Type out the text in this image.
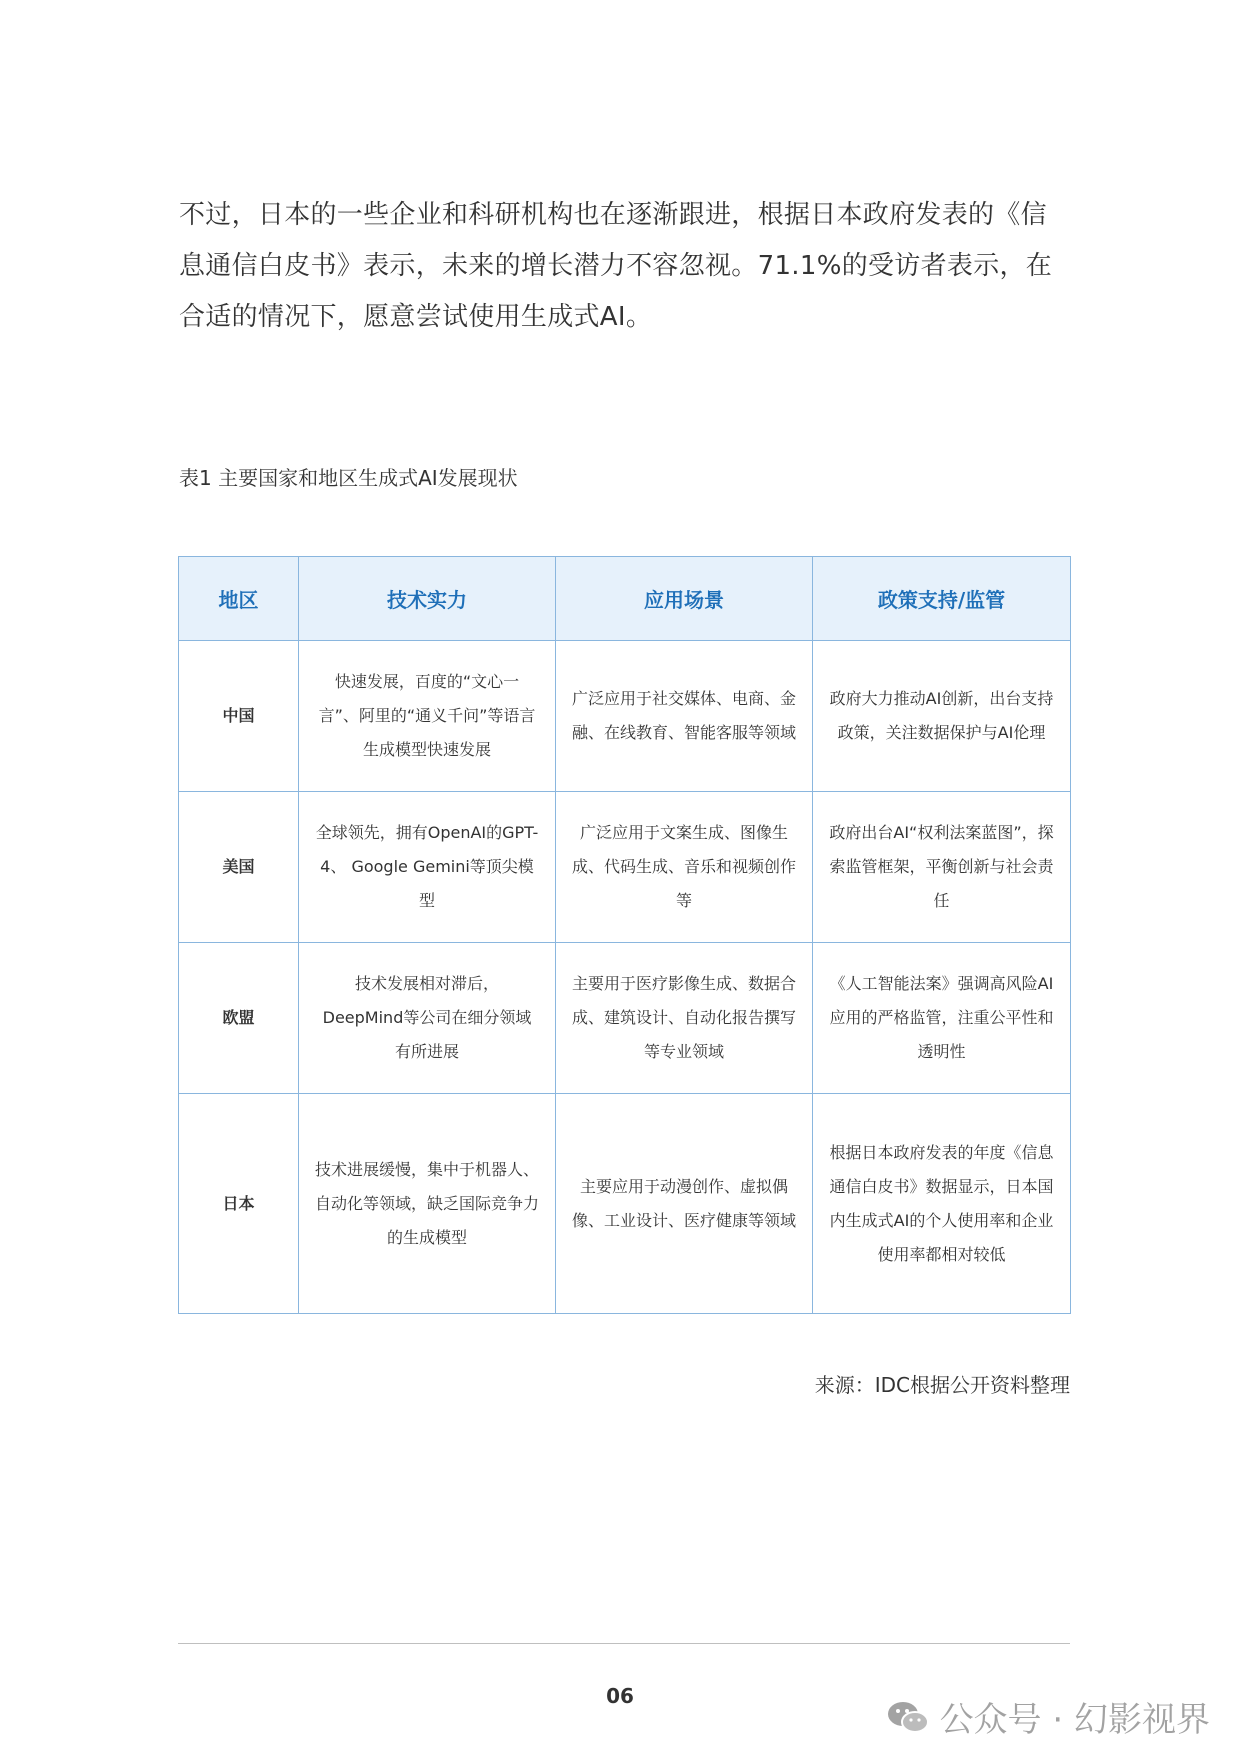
不过，日本的一些企业和科研机构也在逐渐跟进，根据日本政府发表的《信息通信白皮书》表示，未来的增长潜力不容忽视。71.1%的受访者表示，在合适的情况下，愿意尝试使用生成式AI。

表1 主要国家和地区生成式AI发展现状

地区	技术实力	应用场景	政策支持/监管
中国	快速发展，百度的“文心一言”、阿里的“通义千问”等语言生成模型快速发展	广泛应用于社交媒体、电商、金融、在线教育、智能客服等领域	政府大力推动AI创新，出台支持政策，关注数据保护与AI伦理
美国	全球领先，拥有OpenAI的GPT-4、 Google Gemini等顶尖模型	广泛应用于文案生成、图像生成、代码生成、音乐和视频创作等	政府出台AI“权利法案蓝图”，探索监管框架，平衡创新与社会责任
欧盟	技术发展相对滞后，DeepMind等公司在细分领域有所进展	主要用于医疗影像生成、数据合成、建筑设计、自动化报告撰写等专业领域	《人工智能法案》强调高风险AI应用的严格监管，注重公平性和透明性
日本	技术进展缓慢，集中于机器人、自动化等领域，缺乏国际竞争力的生成模型	主要应用于动漫创作、虚拟偶像、工业设计、医疗健康等领域	根据日本政府发表的年度《信息通信白皮书》数据显示，日本国内生成式AI的个人使用率和企业使用率都相对较低

来源：IDC根据公开资料整理

06
公众号 · 幻影视界
